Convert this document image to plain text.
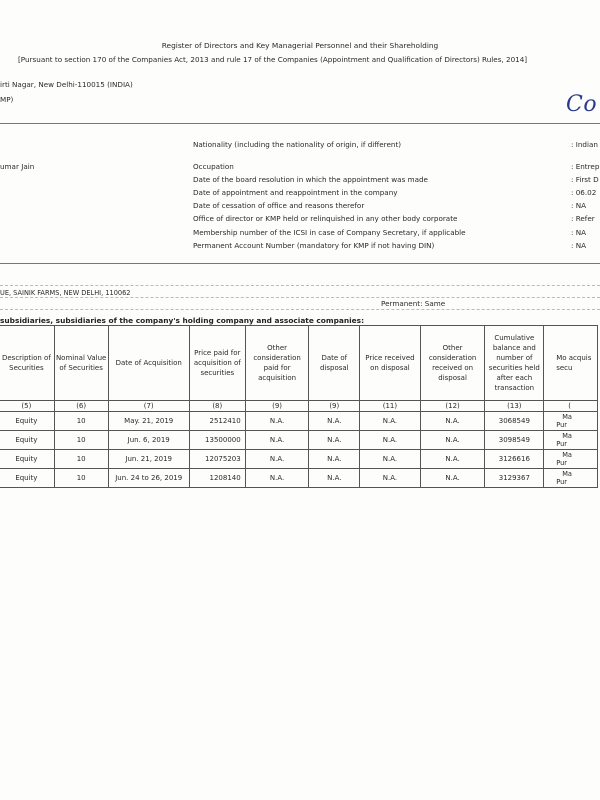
Register of Directors and Key Managerial Personnel and their Shareholding
[Pursuant to section 170 of the Companies Act, 2013 and rule 17 of the Companies (Appointment and Qualification of Directors) Rules, 2014]
irti Nagar, New Delhi-110015 (INDIA)
MP)	Co
umar Jain
Nationality (including the nationality of origin, if different)	: Indian
Occupation	: Entrep
Date of the board resolution in which the appointment was made	: First D
Date of appointment and reappointment in the company	: 06.02
Date of cessation of office and reasons therefor	: NA
Office of director or KMP held or relinquished in any other body corporate	: Refer
Membership number of the ICSI in case of Company Secretary, if applicable	: NA
Permanent Account Number (mandatory for KMP if not having DIN)	: NA
UE, SAINIK FARMS, NEW DELHI, 110062
Permanent: Same
subsidiaries, subsidiaries of the company's holding company and associate companies:
Description of Securities	Nominal Value of Securities	Date of Acquisition	Price paid for acquisition of securities	Other consideration paid for acquisition	Date of disposal	Price received on disposal	Other consideration received on disposal	Cumulative balance and number of securities held after each transaction	Mo acquis secu
(5)	(6)	(7)	(8)	(9)	(9)	(11)	(12)	(13)	(
Equity	10	May. 21, 2019	2512410	N.A.	N.A.	N.A.	N.A.	3068549	Ma
Pur

Equity	10	Jun. 6, 2019	13500000	N.A.	N.A.	N.A.	N.A.	3098549	Ma
Pur

Equity	10	Jun. 21, 2019	12075203	N.A.	N.A.	N.A.	N.A.	3126616	Ma
Pur

Equity	10	Jun. 24 to 26, 2019	1208140	N.A.	N.A.	N.A.	N.A.	3129367	Ma
Pur
